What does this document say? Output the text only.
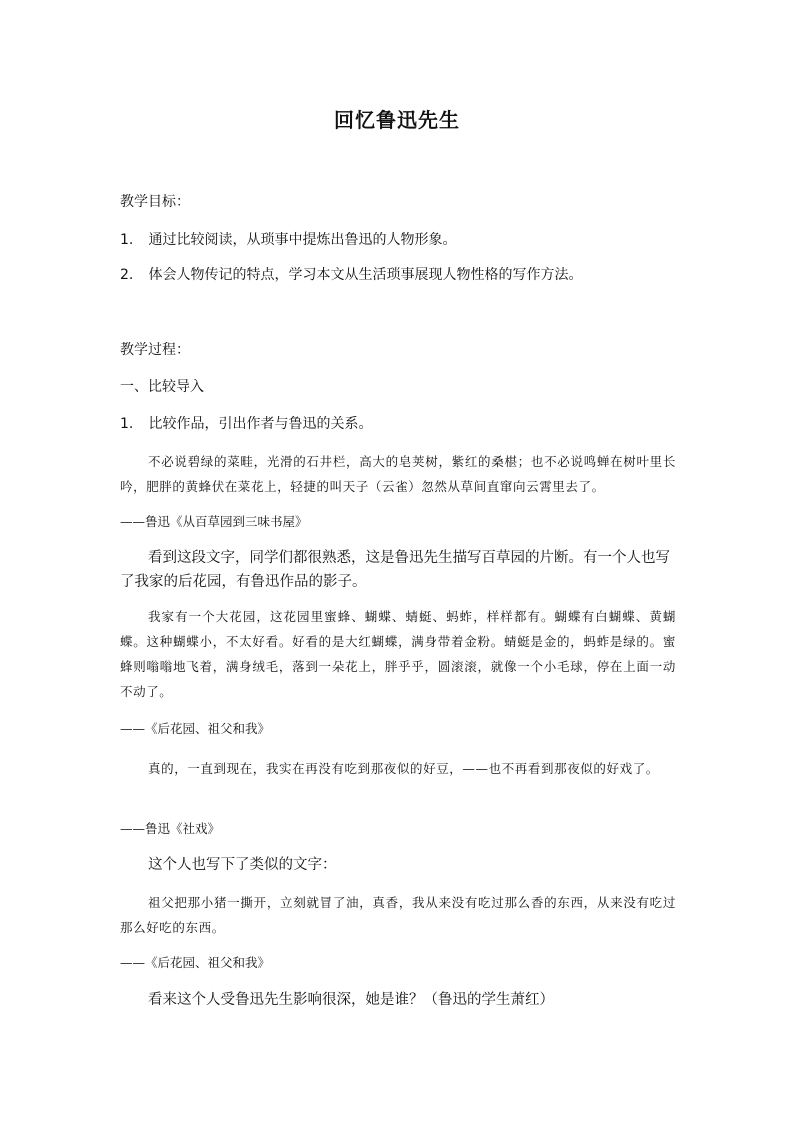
回忆鲁迅先生
教学目标：
1. 通过比较阅读，从琐事中提炼出鲁迅的人物形象。
2. 体会人物传记的特点，学习本文从生活琐事展现人物性格的写作方法。
教学过程：
一、比较导入
1. 比较作品，引出作者与鲁迅的关系。
不必说碧绿的菜畦，光滑的石井栏，高大的皂荚树，紫红的桑椹；也不必说鸣蝉在树叶里长吟，肥胖的黄蜂伏在菜花上，轻捷的叫天子（云雀）忽然从草间直窜向云霄里去了。
——鲁迅《从百草园到三味书屋》
看到这段文字，同学们都很熟悉，这是鲁迅先生描写百草园的片断。有一个人也写了我家的后花园，有鲁迅作品的影子。
我家有一个大花园，这花园里蜜蜂、蝴蝶、蜻蜓、蚂蚱，样样都有。蝴蝶有白蝴蝶、黄蝴蝶。这种蝴蝶小，不太好看。好看的是大红蝴蝶，满身带着金粉。蜻蜓是金的，蚂蚱是绿的。蜜蜂则嗡嗡地飞着，满身绒毛，落到一朵花上，胖乎乎，圆滚滚，就像一个小毛球，停在上面一动不动了。
——《后花园、祖父和我》
真的，一直到现在，我实在再没有吃到那夜似的好豆，——也不再看到那夜似的好戏了。
——鲁迅《社戏》
这个人也写下了类似的文字：
祖父把那小猪一撕开，立刻就冒了油，真香，我从来没有吃过那么香的东西，从来没有吃过那么好吃的东西。
——《后花园、祖父和我》
看来这个人受鲁迅先生影响很深，她是谁？（鲁迅的学生萧红）
